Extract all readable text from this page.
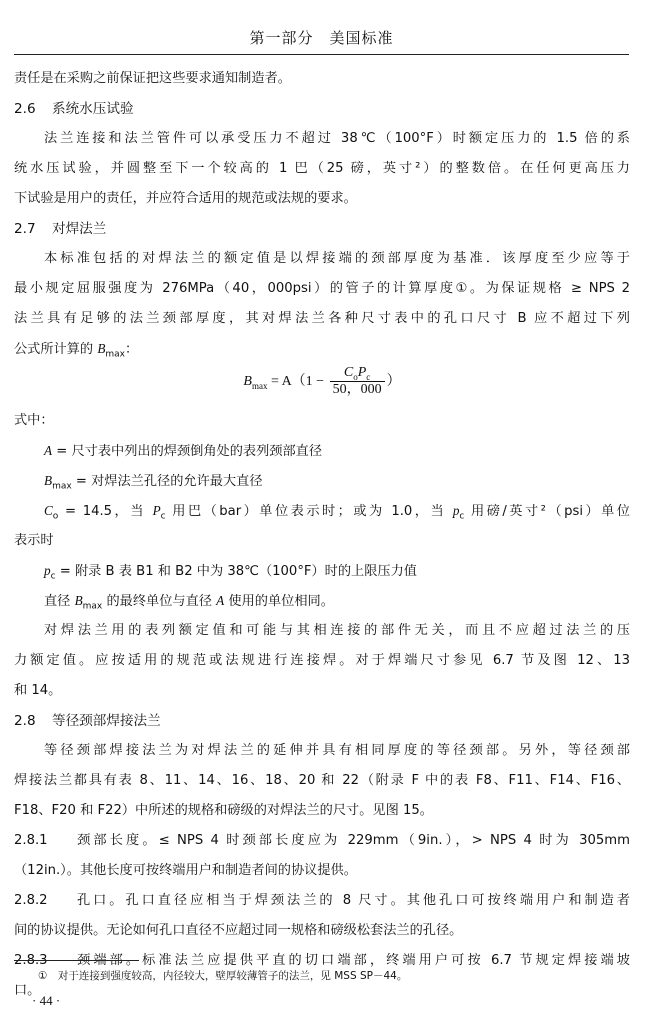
第一部分　美国标准
责任是在采购之前保证把这些要求通知制造者。
2.6 系统水压试验
法兰连接和法兰管件可以承受压力不超过 38℃（100°F）时额定压力的 1.5 倍的系
统水压试验，并圆整至下一个较高的 1 巴（25 磅，英寸²）的整数倍。在任何更高压力
下试验是用户的责任，并应符合适用的规范或法规的要求。
2.7 对焊法兰
本标准包括的对焊法兰的额定值是以焊接端的颈部厚度为基准．该厚度至少应等于
最小规定屈服强度为 276MPa（40，000psi）的管子的计算厚度①。为保证规格 ≥ NPS 2
法兰具有足够的法兰颈部厚度，其对焊法兰各种尺寸表中的孔口尺寸 B 应不超过下列
公式所计算的 $B_{max}$：
$B_{max} = A(1 - \frac{C_oP_c}{50,000}$ ）
式中：
A = 尺寸表中列出的焊颈倒角处的表列颈部直径
$B_{max}$ = 对焊法兰孔径的允许最大直径
$C_o = 14.5$，当 $P_c$ 用巴（bar）单位表示时；或为 1.0，当 $p_c$ 用磅/英寸²（psi）单位
表示时
$p_c$ = 附录 B 表 B1 和 B2 中为 38℃（100°F）时的上限压力值
直径 $B_{max}$ 的最终单位与直径 A 使用的单位相同。
对焊法兰用的表列额定值和可能与其相连接的部件无关，而且不应超过法兰的压
力额定值。应按适用的规范或法规进行连接焊。对于焊端尺寸参见 6.7 节及图 12、13
和 14。
2.8 等径颈部焊接法兰
等径颈部焊接法兰为对焊法兰的延伸并具有相同厚度的等径颈部。另外，等径颈部
焊接法兰都具有表 8、11、14、16、18、20 和 22（附录 F 中的表 F8、F11、F14、F16、
F18、F20 和 F22）中所述的规格和磅级的对焊法兰的尺寸。见图 15。
2.8.1 颈部长度。≤ NPS 4 时颈部长度应为 229mm（9in.），> NPS 4 时为 305mm
（12in.）。其他长度可按终端用户和制造者间的协议提供。
2.8.2 孔口。孔口直径应相当于焊颈法兰的 8 尺寸。其他孔口可按终端用户和制造者
间的协议提供。无论如何孔口直径不应超过同一规格和磅级松套法兰的孔径。
2.8.3 颈端部。标准法兰应提供平直的切口端部，终端用户可按 6.7 节规定焊接端坡
口。
①　对于连接到强度较高，内径较大，壁厚较薄管子的法兰，见 MSS SP－44。
· 44 ·
